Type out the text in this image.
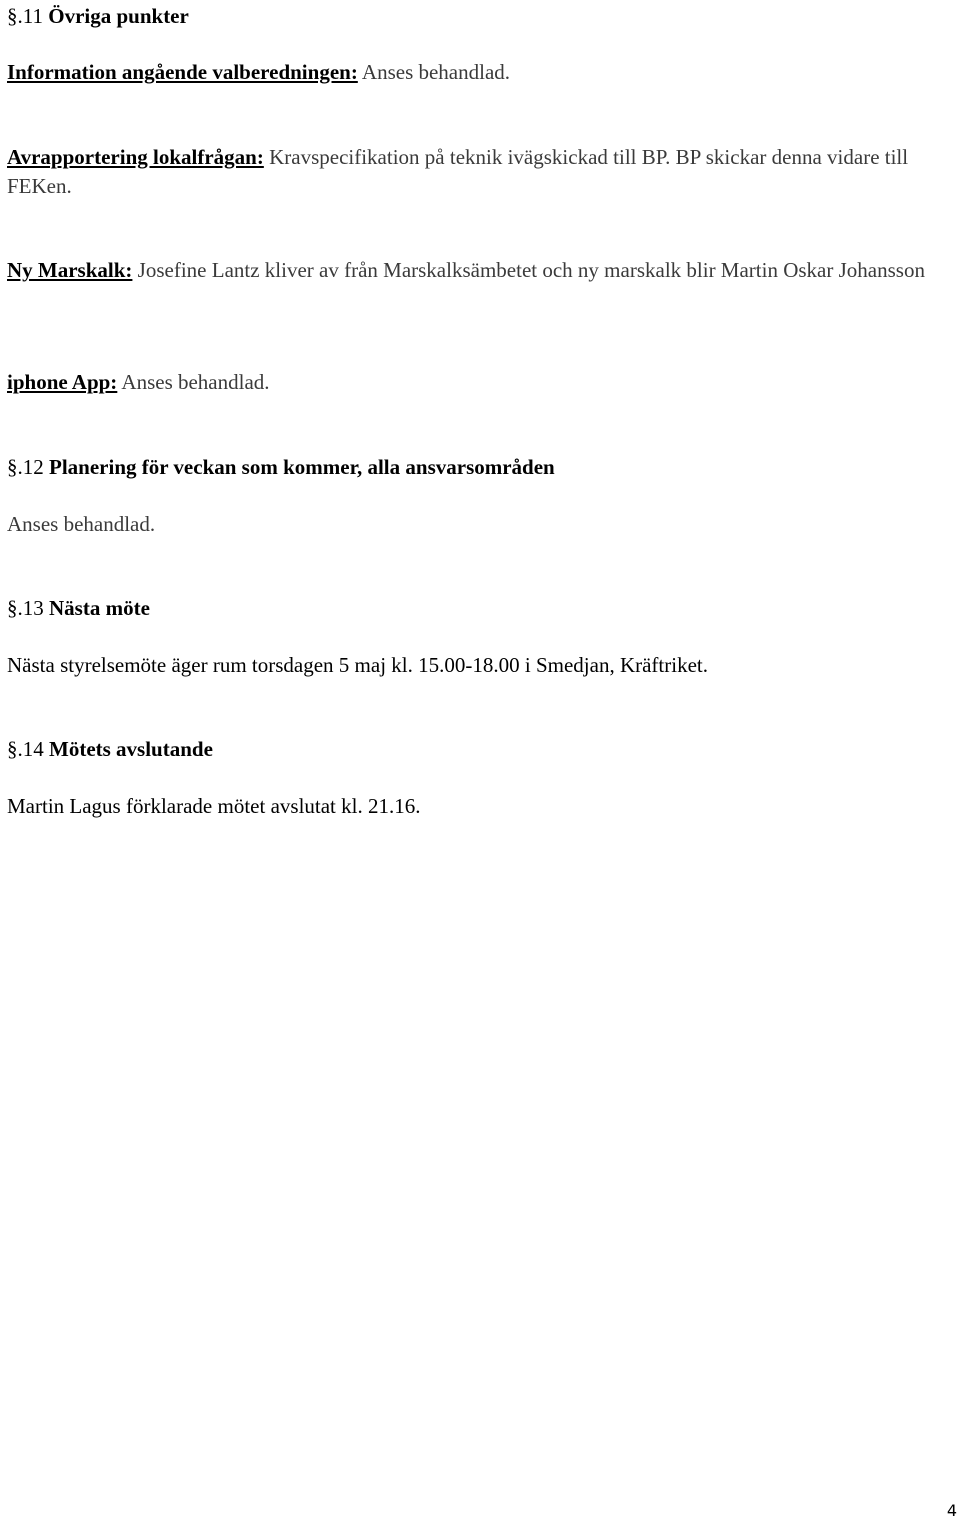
§.11 Övriga punkter
Information angående valberedningen: Anses behandlad.
Avrapportering lokalfrågan: Kravspecifikation på teknik ivägskickad till BP. BP skickar denna vidare till FEKen.
Ny Marskalk: Josefine Lantz kliver av från Marskalksämbetet och ny marskalk blir Martin Oskar Johansson
iphone App: Anses behandlad.
§.12 Planering för veckan som kommer, alla ansvarsområden
Anses behandlad.
§.13 Nästa möte
Nästa styrelsemöte äger rum torsdagen 5 maj kl. 15.00-18.00 i Smedjan, Kräftriket.
§.14 Mötets avslutande
Martin Lagus förklarade mötet avslutat kl. 21.16.
4
